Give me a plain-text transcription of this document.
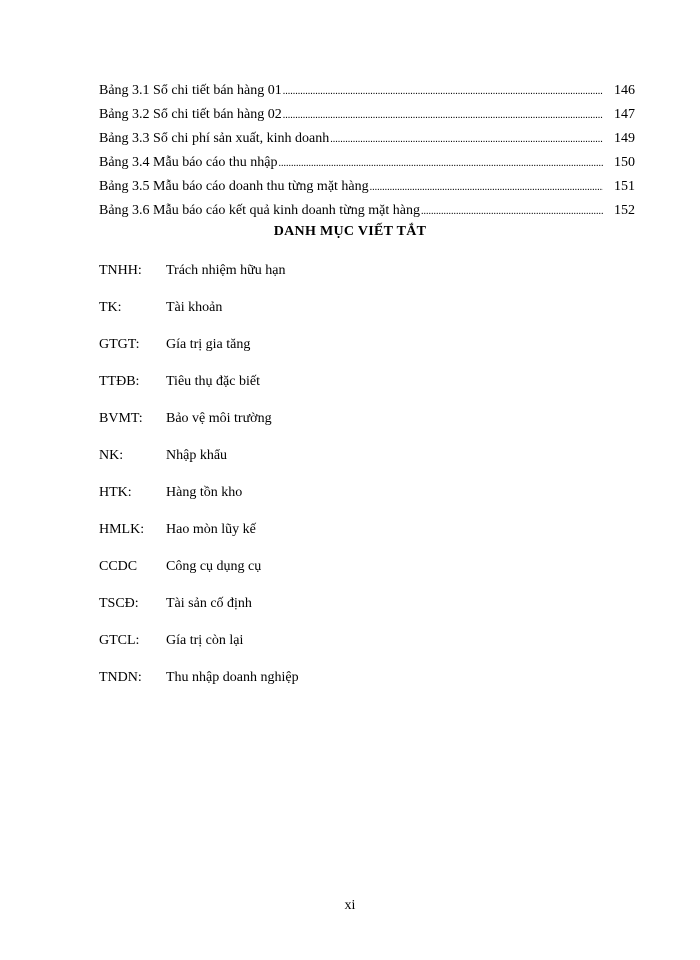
Bảng 3.1 Sổ chi tiết bán hàng 01 .....	146
Bảng 3.2 Sổ chi tiết bán hàng 02 .....	147
Bảng 3.3 Sổ chi phí sản xuất, kinh doanh .....	149
Bảng 3.4 Mẫu báo cáo thu nhập .....	150
Bảng 3.5 Mẫu báo cáo doanh thu từng mặt hàng .....	151
Bảng 3.6 Mẫu báo cáo kết quả kinh doanh từng mặt hàng .....	152
DANH MỤC VIẾT TẮT
TNHH:	Trách nhiệm hữu hạn
TK:	Tài khoản
GTGT:	Gía trị gia tăng
TTĐB:	Tiêu thụ đặc biết
BVMT:	Bảo vệ môi trường
NK:	Nhập khẩu
HTK:	Hàng tồn kho
HMLK:	Hao mòn lũy kế
CCDC	Công cụ dụng cụ
TSCĐ:	Tài sản cố định
GTCL:	Gía trị còn lại
TNDN:	Thu nhập doanh nghiệp
xi
